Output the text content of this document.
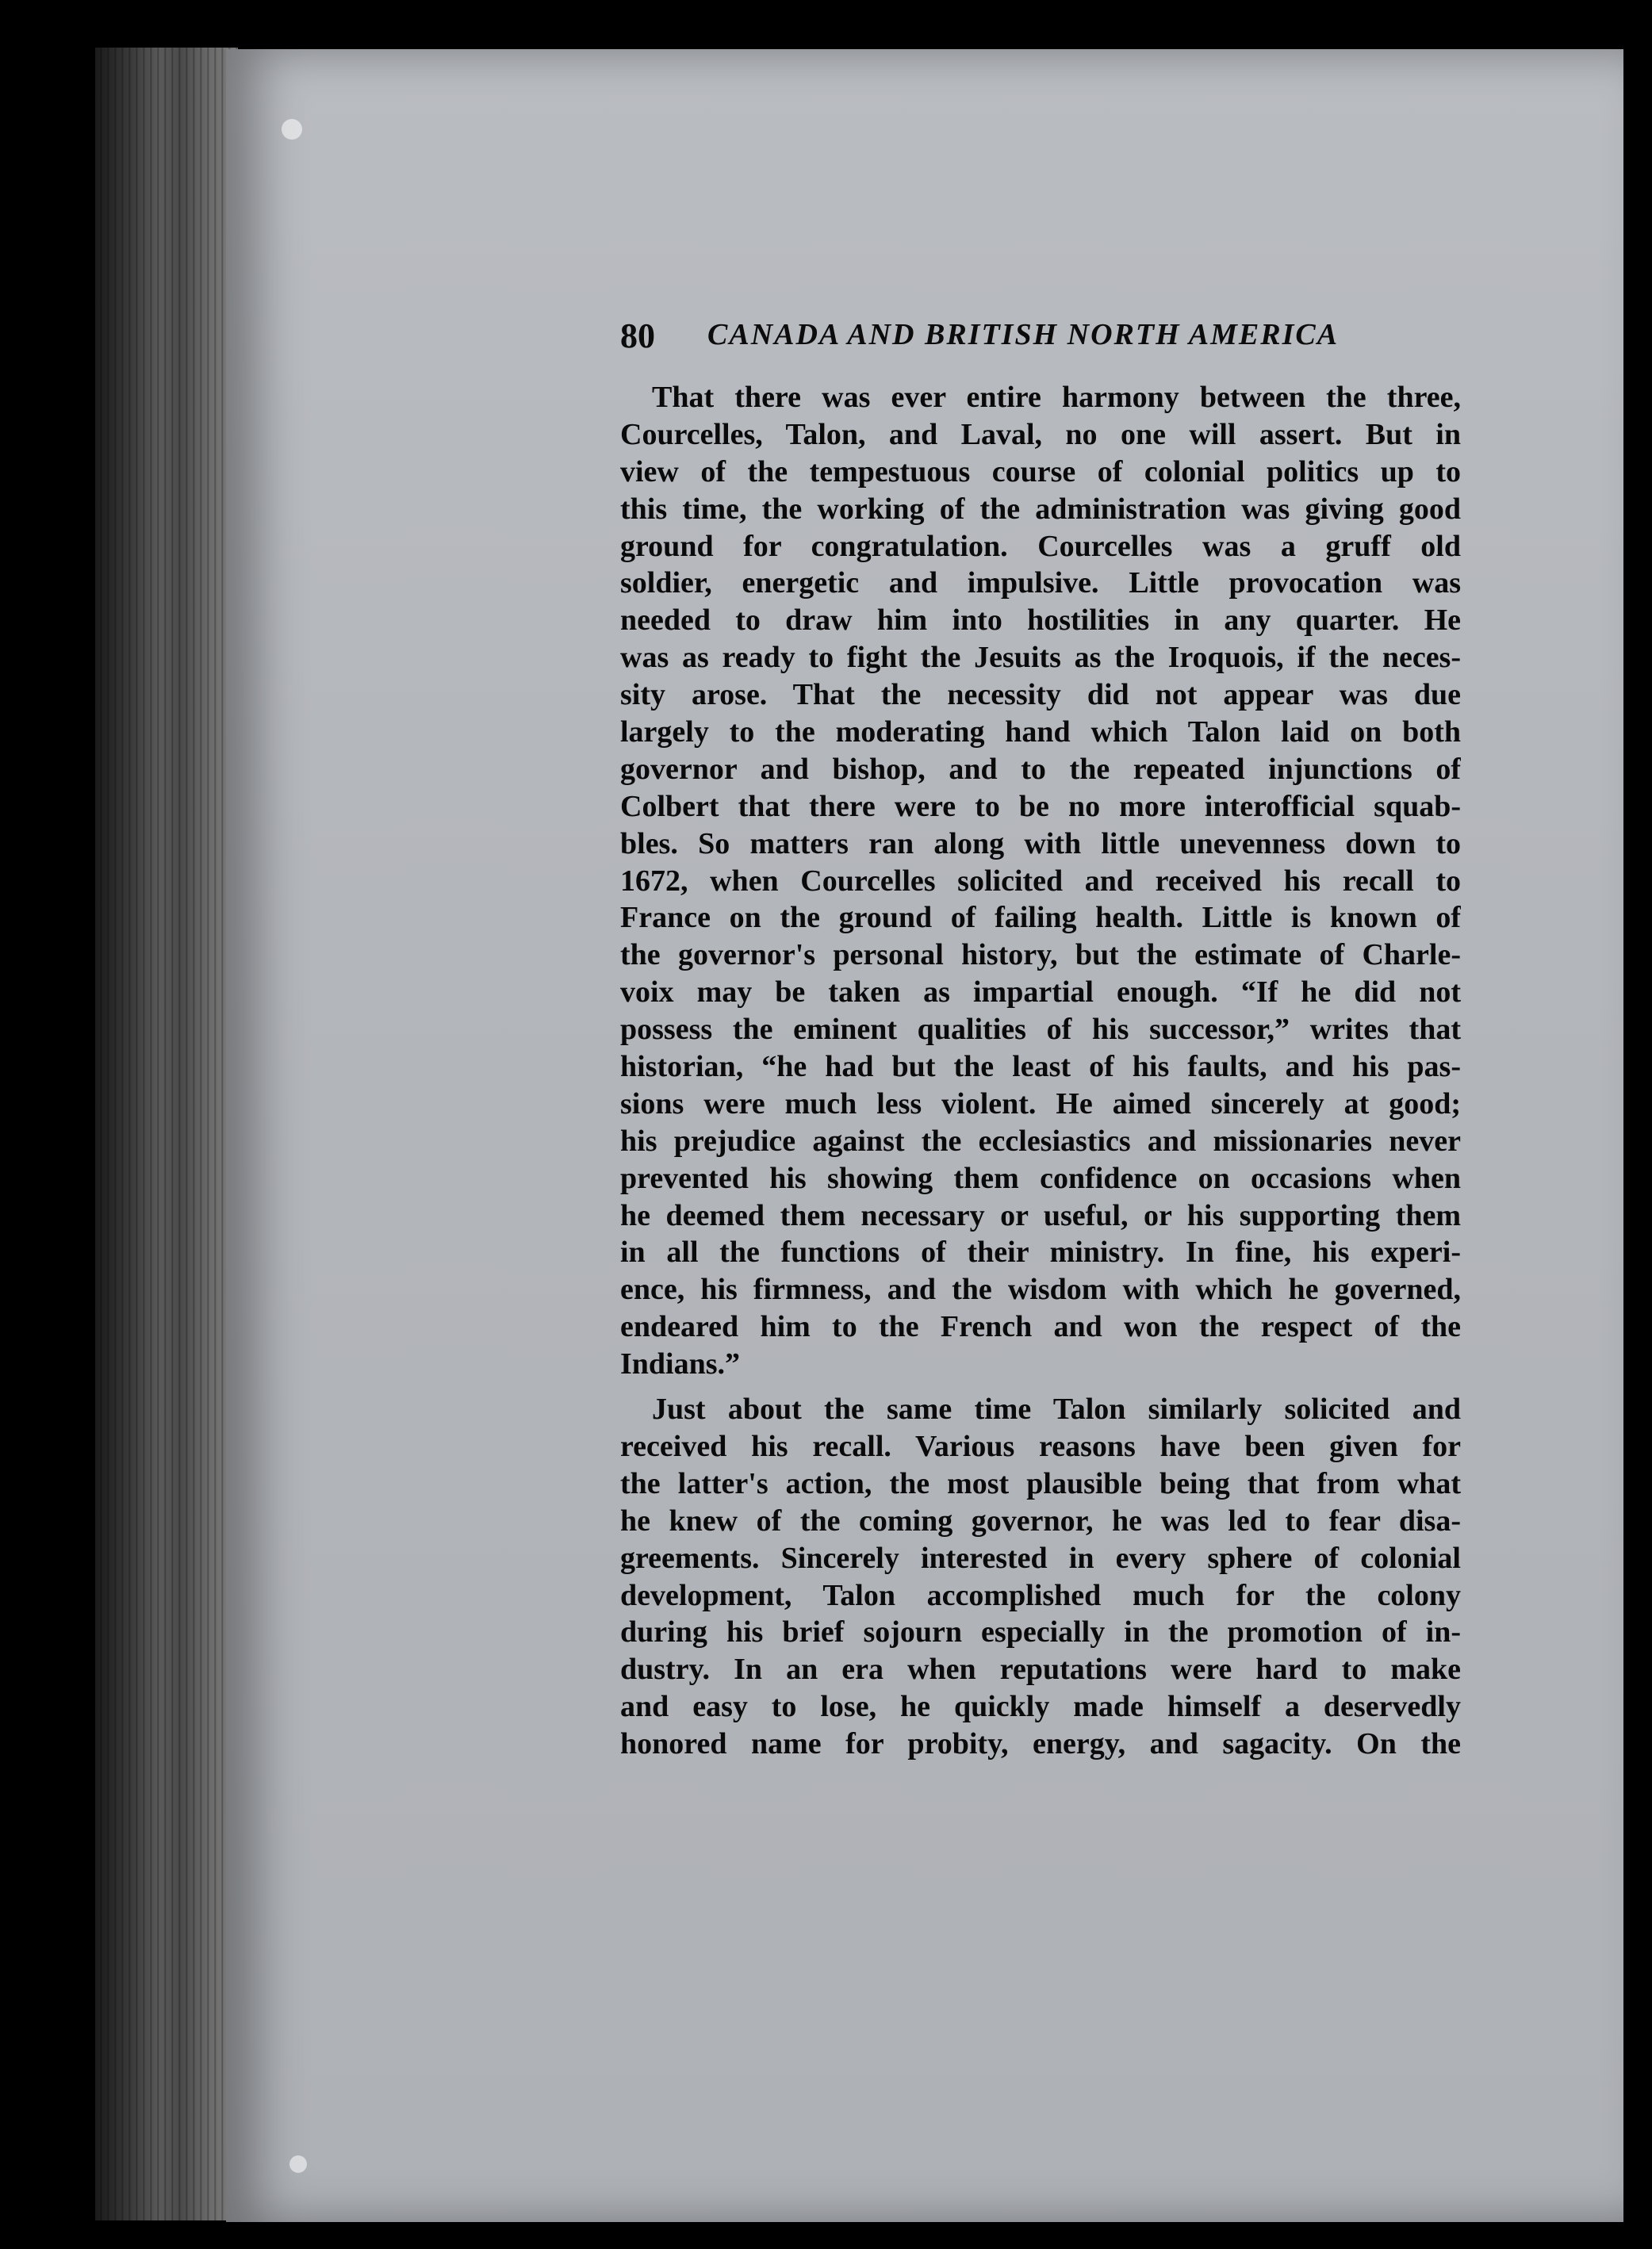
80 CANADA AND BRITISH NORTH AMERICA
That there was ever entire harmony between the three,
Courcelles, Talon, and Laval, no one will assert. But in
view of the tempestuous course of colonial politics up to
this time, the working of the administration was giving good
ground for congratulation. Courcelles was a gruff old
soldier, energetic and impulsive. Little provocation was
needed to draw him into hostilities in any quarter. He
was as ready to fight the Jesuits as the Iroquois, if the neces-
sity arose. That the necessity did not appear was due
largely to the moderating hand which Talon laid on both
governor and bishop, and to the repeated injunctions of
Colbert that there were to be no more interofficial squab-
bles. So matters ran along with little unevenness down to
1672, when Courcelles solicited and received his recall to
France on the ground of failing health. Little is known of
the governor's personal history, but the estimate of Charle-
voix may be taken as impartial enough. “If he did not
possess the eminent qualities of his successor,” writes that
historian, “he had but the least of his faults, and his pas-
sions were much less violent. He aimed sincerely at good;
his prejudice against the ecclesiastics and missionaries never
prevented his showing them confidence on occasions when
he deemed them necessary or useful, or his supporting them
in all the functions of their ministry. In fine, his experi-
ence, his firmness, and the wisdom with which he governed,
endeared him to the French and won the respect of the
Indians.”
Just about the same time Talon similarly solicited and
received his recall. Various reasons have been given for
the latter's action, the most plausible being that from what
he knew of the coming governor, he was led to fear disa-
greements. Sincerely interested in every sphere of colonial
development, Talon accomplished much for the colony
during his brief sojourn especially in the promotion of in-
dustry. In an era when reputations were hard to make
and easy to lose, he quickly made himself a deservedly
honored name for probity, energy, and sagacity. On the
